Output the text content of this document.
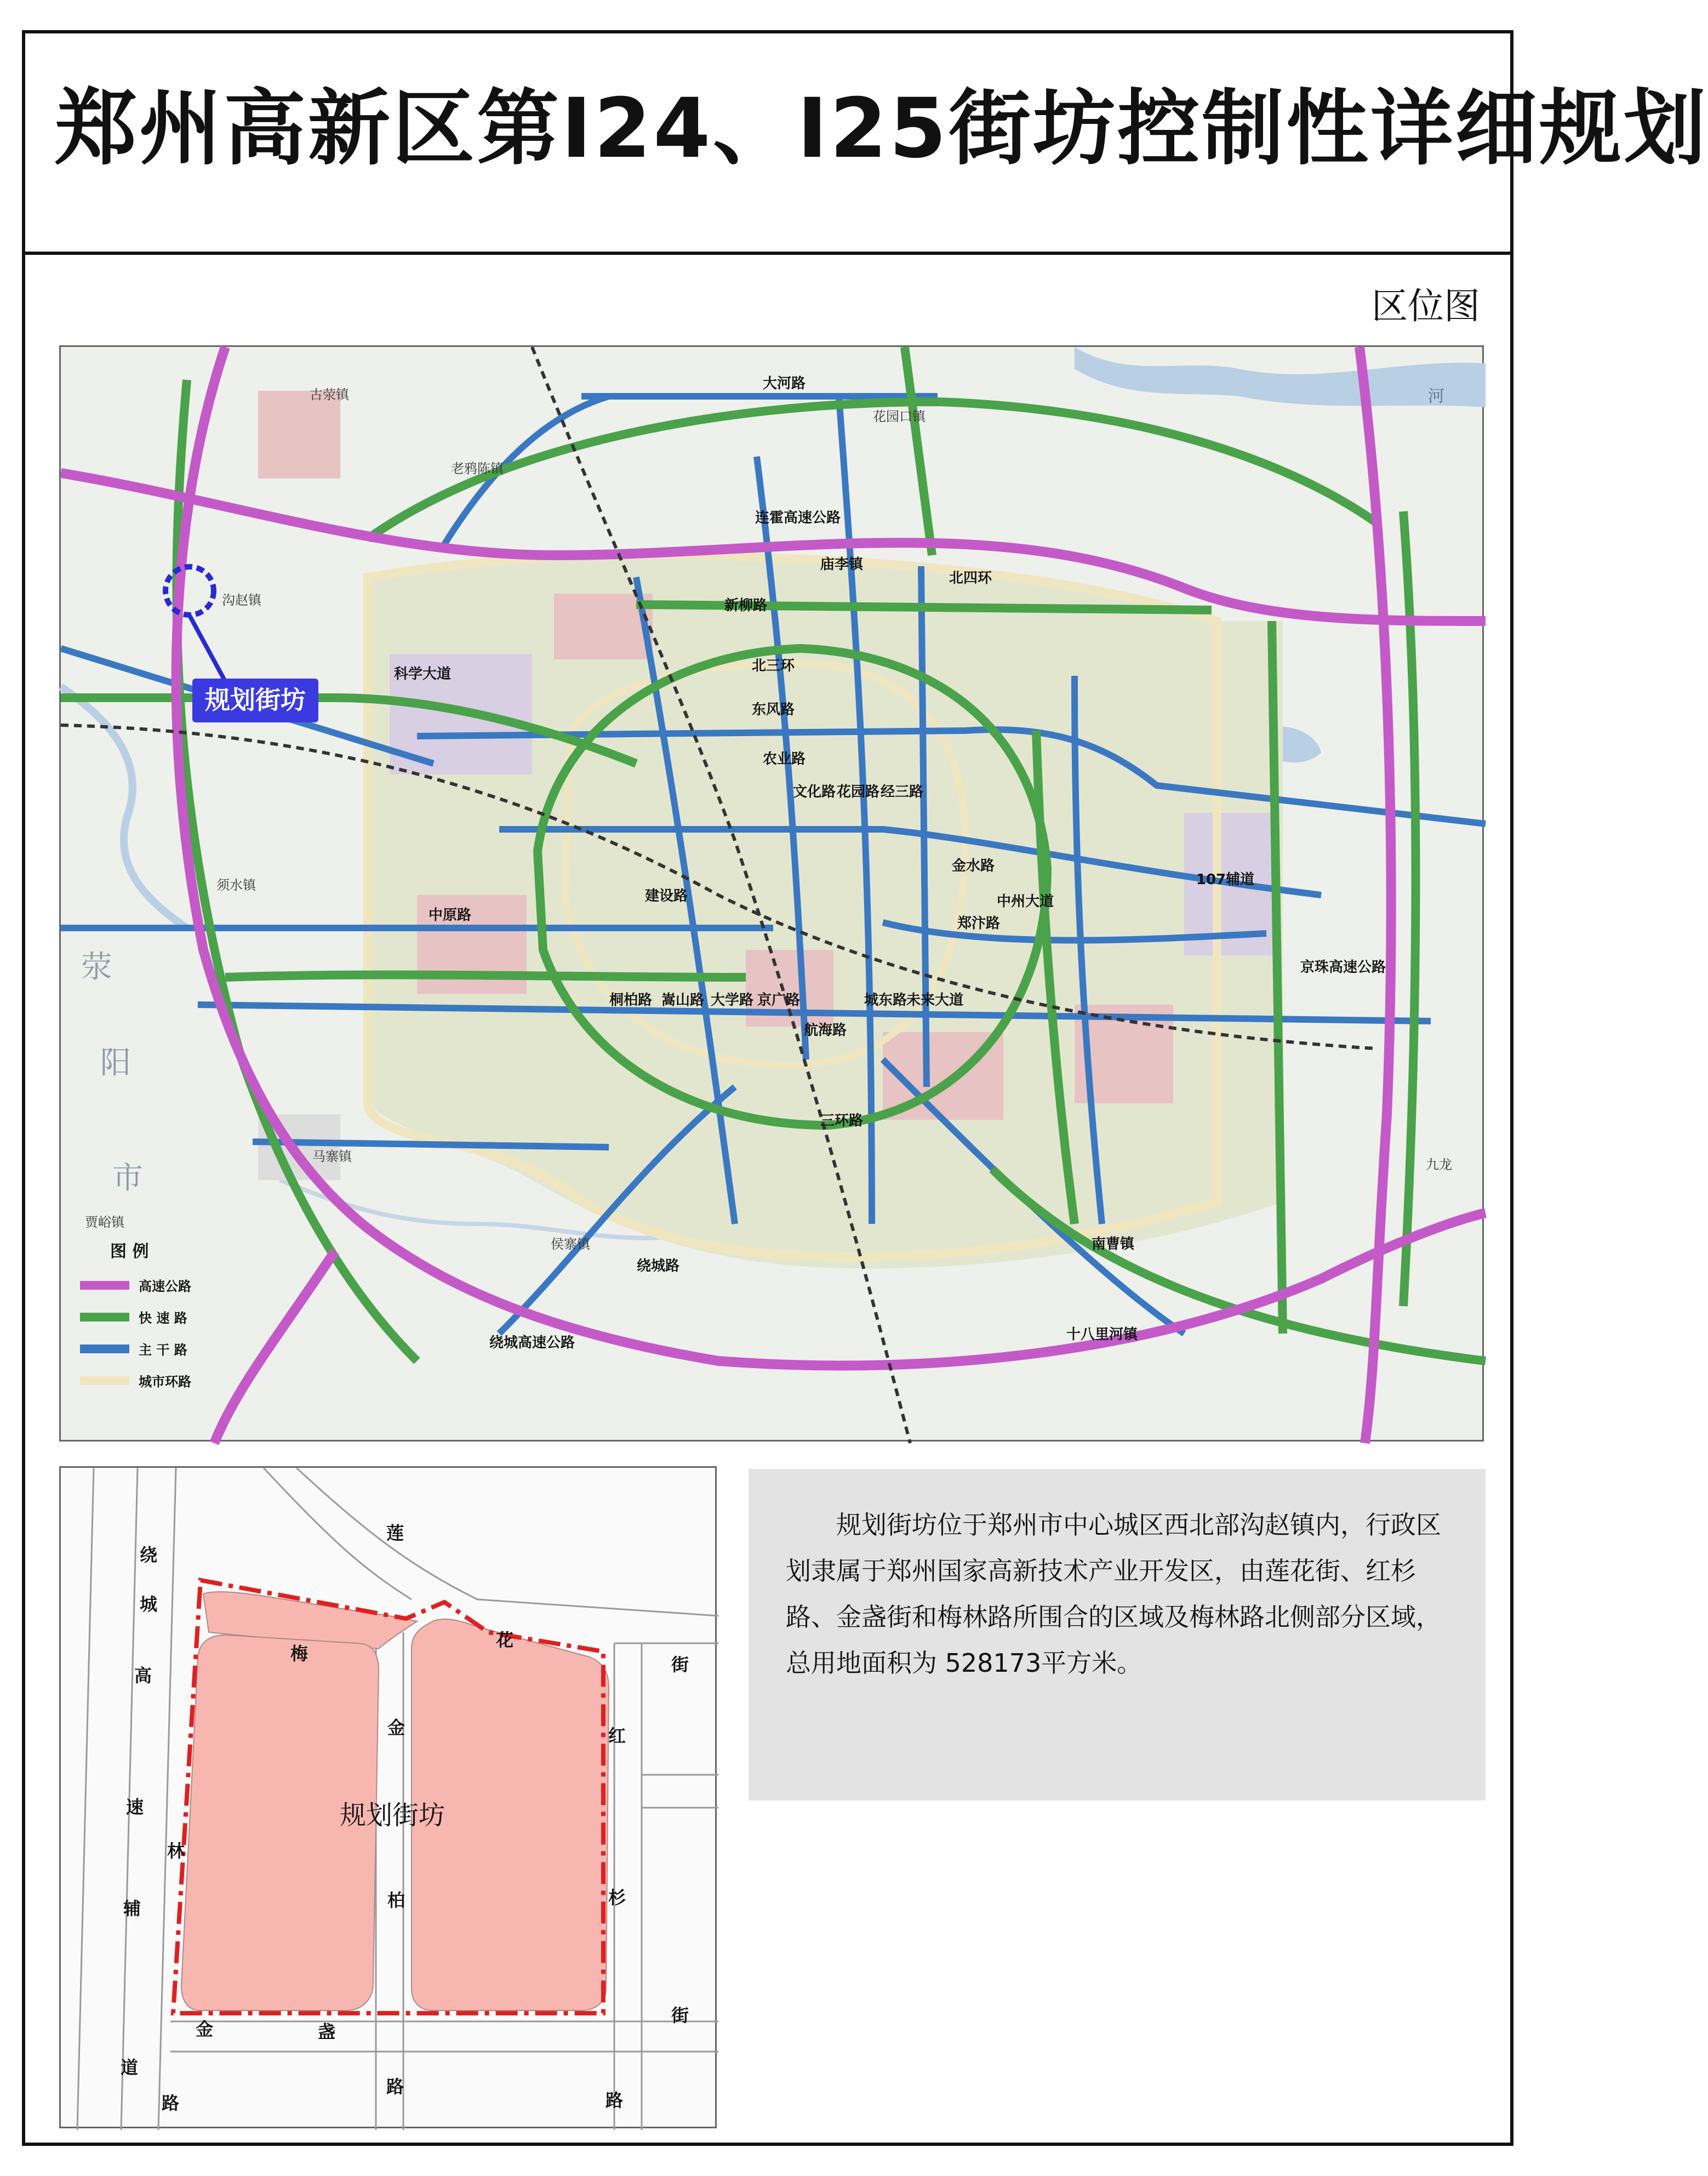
郑州高新区第I24、I25街坊控制性详细规划
区位图
规划街坊
大河路
连霍高速公路
庙李镇
北四环
新柳路
北三环
东风路
农业路
文化路 花园路 经三路
科学大道
金水路
中州大道
郑汴路
107辅道
京珠高速公路
建设路
中原路
桐柏路 嵩山路 大学路 京广路
航海路
城东路
未来大道
三环路
绕城高速公路
绕城路
十八里河镇
南曹镇
古荥镇
老鸦陈镇
花园口镇
河
沟赵镇
须水镇
马寨镇
侯寨镇
贾峪镇
九龙
荥
阳
市
图 例
高速公路
快 速 路
主 干 路
城市环路
规划街坊
绕
城
高
速
辅
道
路
莲
花
街
红
杉
街
梅
林
金
柏
路
金	盏
路

规划街坊位于郑州市中心城区西北部沟赵镇内，行政区划隶属于郑州国家高新技术产业开发区，由莲花街、红杉路、金盏街和梅林路所围合的区域及梅林路北侧部分区域，总用地面积为 528173平方米。
